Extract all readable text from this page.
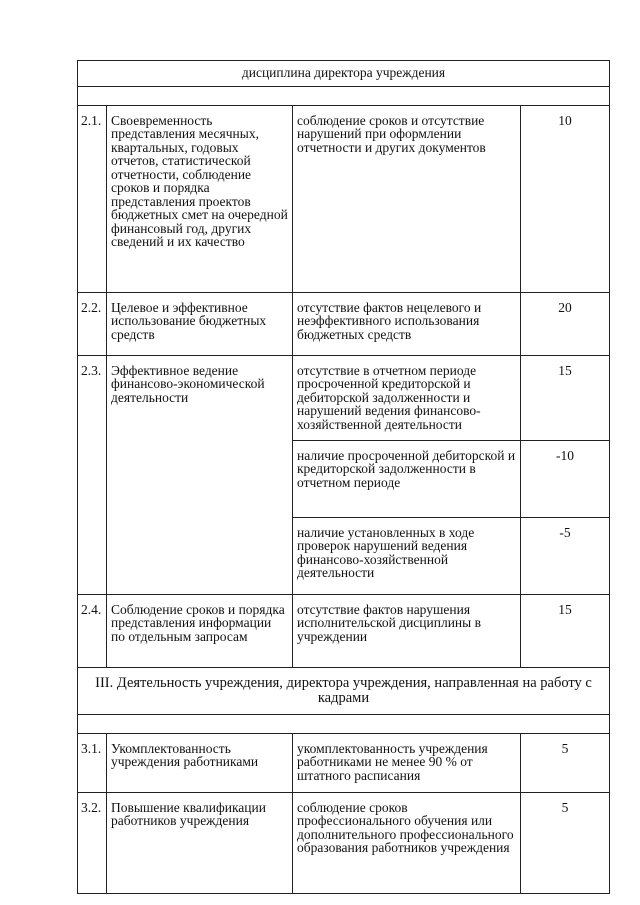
дисциплина директора учреждения			

2.1.	Своевременность представления месячных, квартальных, годовых отчетов, статистической отчетности, соблюдение сроков и порядка представления проектов бюджетных смет на очередной финансовый год, других сведений и их качество	соблюдение сроков и отсутствие нарушений при оформлении отчетности и других документов	10
2.2.	Целевое и эффективное использование бюджетных средств	отсутствие фактов нецелевого и неэффективного использования бюджетных средств	20
2.3.	Эффективное ведение финансово-экономической деятельности	отсутствие в отчетном периоде просроченной кредиторской и дебиторской задолженности и нарушений ведения финансово-хозяйственной деятельности	15
		наличие просроченной дебиторской и кредиторской задолженности в отчетном периоде	-10
		наличие установленных в ходе проверок нарушений ведения финансово-хозяйственной деятельности	-5
2.4.	Соблюдение сроков и порядка представления информации по отдельным запросам	отсутствие фактов нарушения исполнительской дисциплины в учреждении	15
III. Деятельность учреждения, директора учреждения, направленная на работу с кадрами			

3.1.	Укомплектованность учреждения работниками	укомплектованность учреждения работниками не менее 90 % от штатного расписания	5
3.2.	Повышение квалификации работников учреждения	соблюдение сроков профессионального обучения или дополнительного профессионального образования работников учреждения	5
